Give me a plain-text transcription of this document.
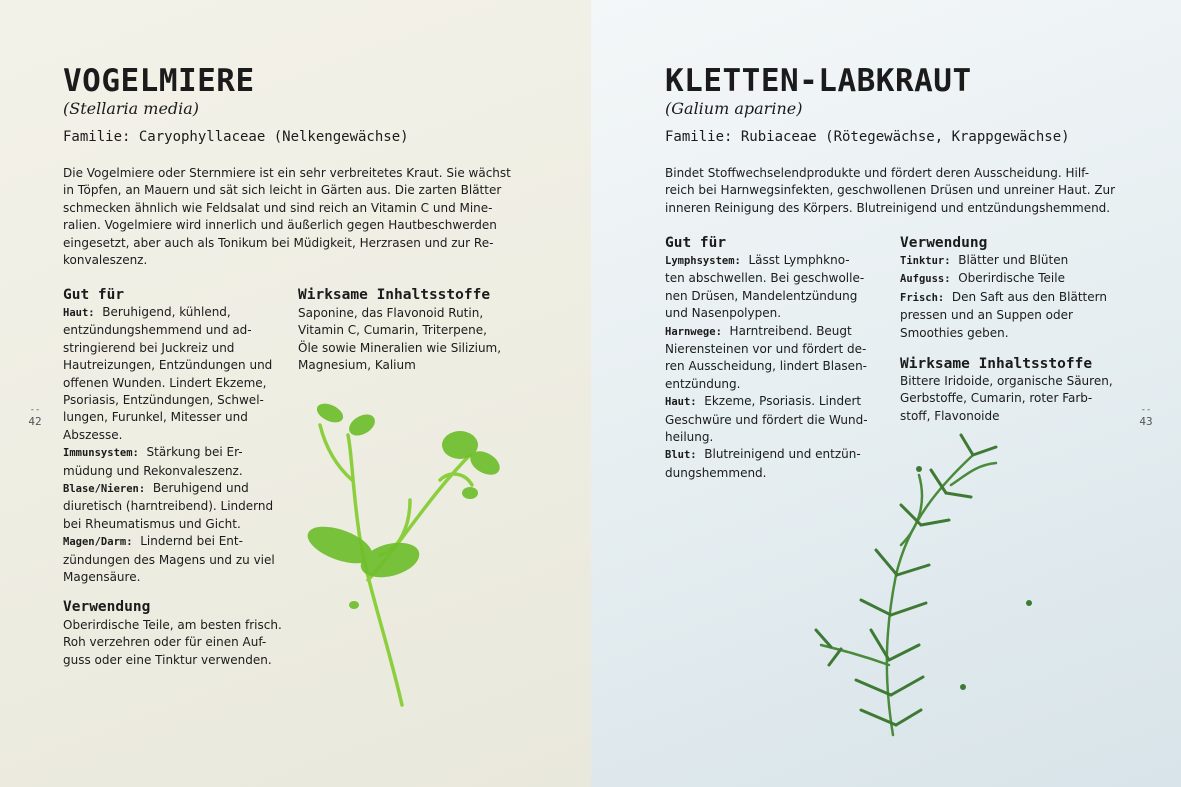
VOGELMIERE

(Stellaria media)

Familie: Caryophyllaceae (Nelkengewächse)

Die Vogelmiere oder Sternmiere ist ein sehr verbreitetes Kraut. Sie wächst
in Töpfen, an Mauern und sät sich leicht in Gärten aus. Die zarten Blätter
schmecken ähnlich wie Feldsalat und sind reich an Vitamin C und Mine-
ralien. Vogelmiere wird innerlich und äußerlich gegen Hautbeschwerden
eingesetzt, aber auch als Tonikum bei Müdigkeit, Herzrasen und zur Re-
konvaleszenz.

Gut für
Haut: Beruhigend, kühlend,
entzündungshemmend und ad-
stringierend bei Juckreiz und
Hautreizungen, Entzündungen und
offenen Wunden. Lindert Ekzeme,
Psoriasis, Entzündungen, Schwel-
lungen, Furunkel, Mitesser und
Abszesse.
Immunsystem: Stärkung bei Er-
müdung und Rekonvaleszenz.
Blase/Nieren: Beruhigend und
diuretisch (harntreibend). Lindernd
bei Rheumatismus und Gicht.
Magen/Darm: Lindernd bei Ent-
zündungen des Magens und zu viel
Magensäure.
Verwendung
Oberirdische Teile, am besten frisch.
Roh verzehren oder für einen Auf-
guss oder eine Tinktur verwenden.
Wirksame Inhaltsstoffe
Saponine, das Flavonoid Rutin,
Vitamin C, Cumarin, Triterpene,
Öle sowie Mineralien wie Silizium,
Magnesium, Kalium
--
42
KLETTEN-LABKRAUT

(Galium aparine)

Familie: Rubiaceae (Rötegewächse, Krappgewächse)

Bindet Stoffwechselendprodukte und fördert deren Ausscheidung. Hilf-
reich bei Harnwegsinfekten, geschwollenen Drüsen und unreiner Haut. Zur
inneren Reinigung des Körpers. Blutreinigend und entzündungshemmend.

Gut für
Lymphsystem: Lässt Lymphkno-
ten abschwellen. Bei geschwolle-
nen Drüsen, Mandelentzündung
und Nasenpolypen.
Harnwege: Harntreibend. Beugt
Nierensteinen vor und fördert de-
ren Ausscheidung, lindert Blasen-
entzündung.
Haut: Ekzeme, Psoriasis. Lindert
Geschwüre und fördert die Wund-
heilung.
Blut: Blutreinigend und entzün-
dungshemmend.
Verwendung
Tinktur: Blätter und Blüten
Aufguss: Oberirdische Teile
Frisch: Den Saft aus den Blättern
pressen und an Suppen oder
Smoothies geben.
Wirksame Inhaltsstoffe
Bittere Iridoide, organische Säuren,
Gerbstoffe, Cumarin, roter Farb-
stoff, Flavonoide	--
43
